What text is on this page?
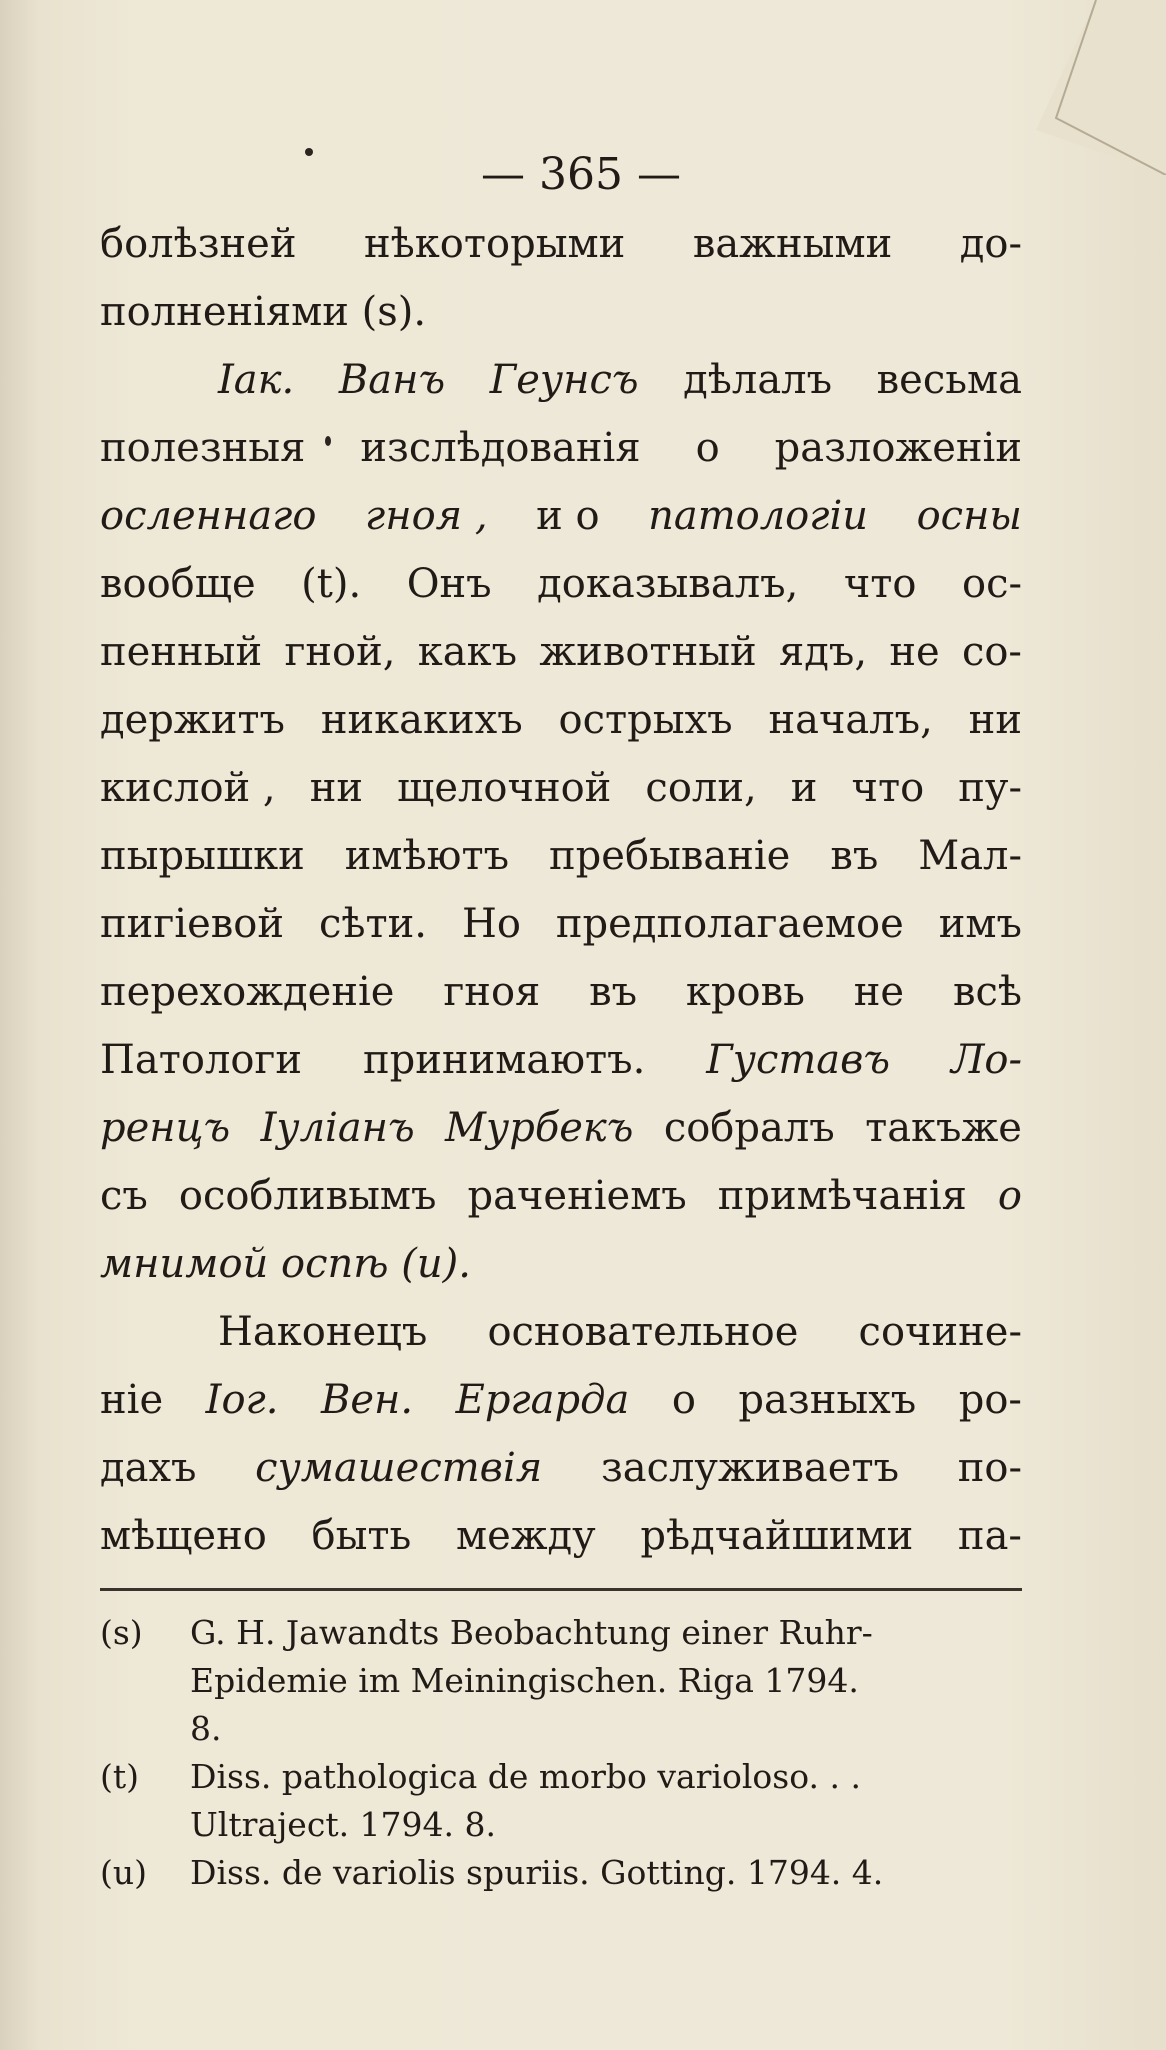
— 365 —
болѣзней нѣкоторыми важными до-
полненіями (s).
Іак. Ванъ Геунсъ дѣлалъ весьма
полезныя изслѣдованія о разложеніи
осленнаго гноя , и о патологіи осны
вообще (t). Онъ доказывалъ, что ос-
пенный гной, какъ животный ядъ, не со-
держитъ никакихъ острыхъ началъ, ни
кислой , ни щелочной соли, и что пу-
пырышки имѣютъ пребываніе въ Мал-
пигіевой сѣти. Но предполагаемое имъ
перехожденіе гноя въ кровь не всѣ
Патологи принимаютъ. Густавъ Ло-
ренцъ Іуліанъ Мурбекъ собралъ такъже
съ особливымъ раченіемъ примѣчанія о
мнимой оспѣ (u).
Наконецъ основательное сочине-
ніе Іог. Вен. Ергарда о разныхъ ро-
дахъ сумашествія заслуживаетъ по-
мѣщено быть между рѣдчайшими па-
(s) G. H. Jawandts Beobachtung einer Ruhr-
Epidemie im Meiningischen. Riga 1794.
8.
(t) Diss. pathologica de morbo varioloso. . .
Ultraject. 1794. 8.
(u) Diss. de variolis spuriis. Gotting. 1794. 4.
